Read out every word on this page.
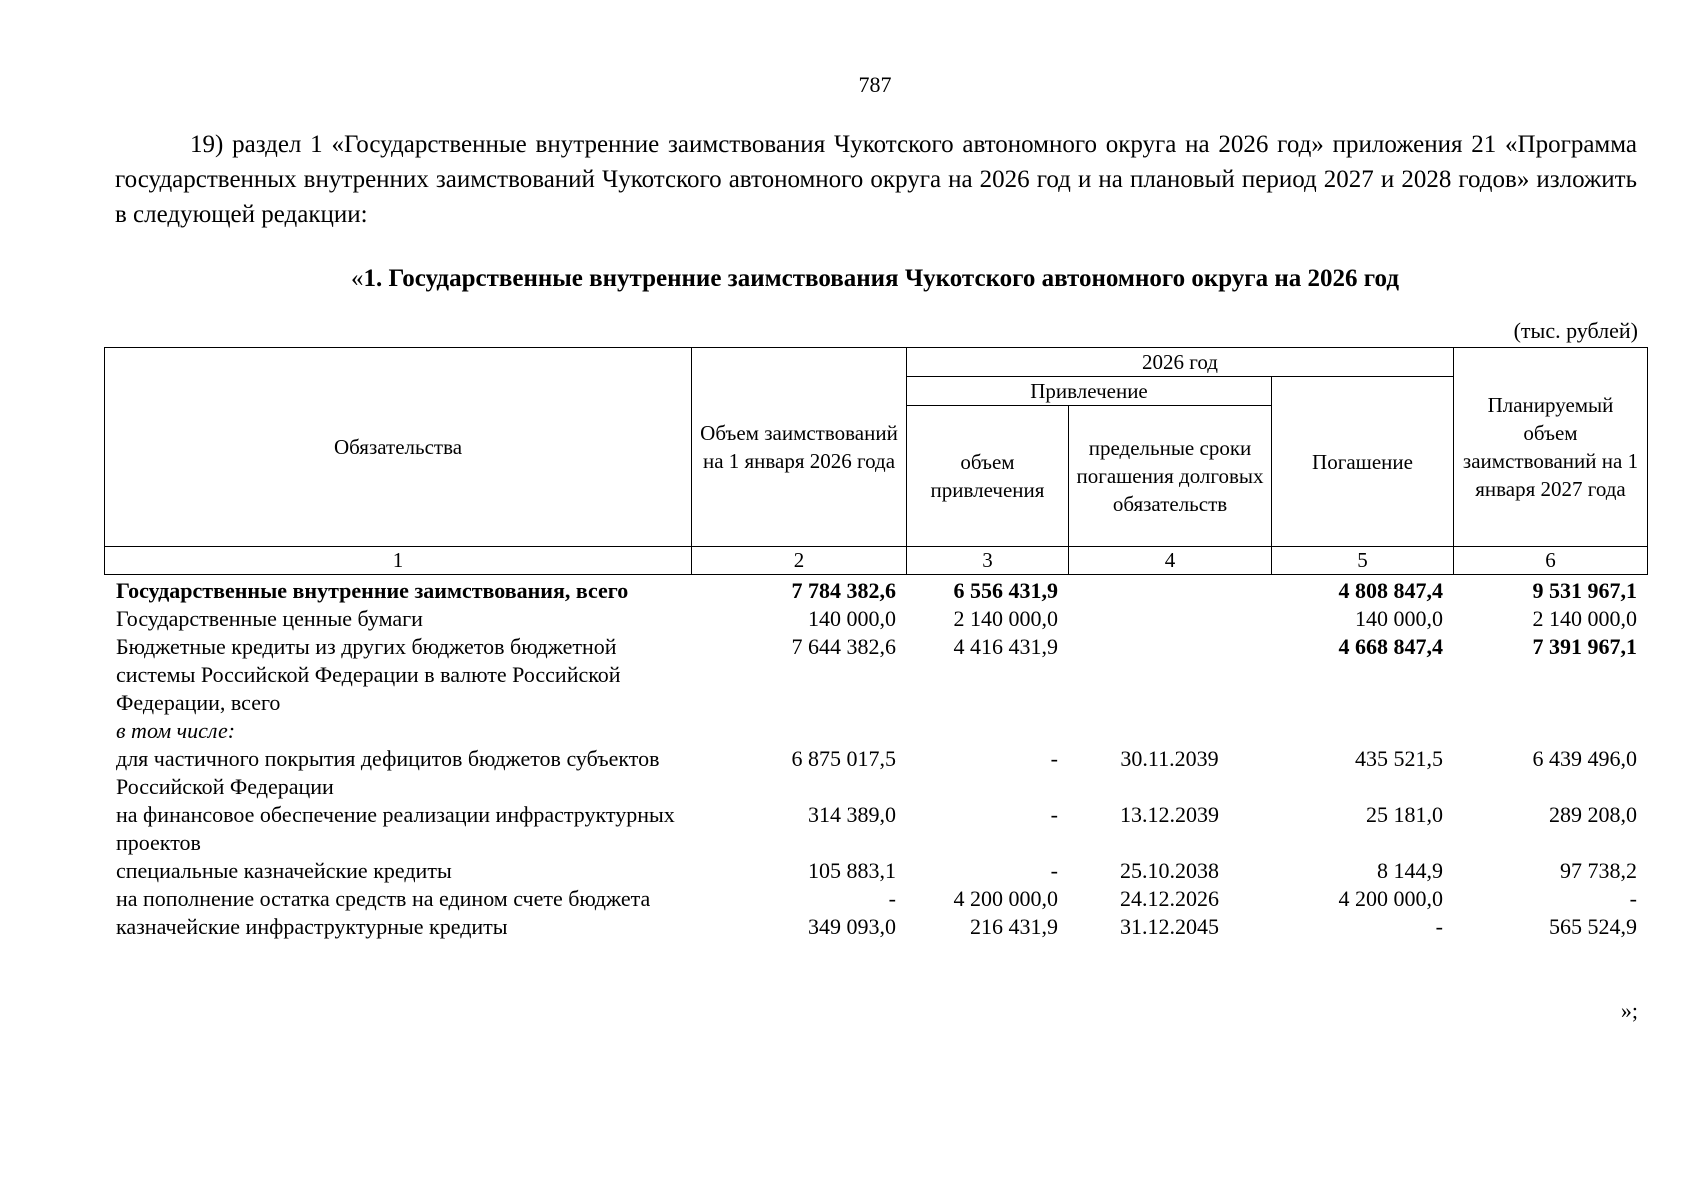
787

19) раздел 1 «Государственные внутренние заимствования Чукотского автономного округа на 2026 год» приложения 21 «Программа государственных внутренних заимствований Чукотского автономного округа на 2026 год и на плановый период 2027 и 2028 годов» изложить в следующей редакции:

«1. Государственные внутренние заимствования Чукотского автономного округа на 2026 год
(тыс. рублей)
Обязательства	Объем заимствований на 1 января 2026 года	2026 год			Планируемый объем заимствований на 1 января 2027 года
		Привлечение		Погашение	
		объем привлечения	предельные сроки погашения долговых обязательств		
1	2	3	4	5	6
Государственные внутренние заимствования, всего	7 784 382,6	6 556 431,9		4 808 847,4	9 531 967,1
Государственные ценные бумаги	140 000,0	2 140 000,0		140 000,0	2 140 000,0
Бюджетные кредиты из других бюджетов бюджетной системы Российской Федерации в валюте Российской Федерации, всего	7 644 382,6	4 416 431,9		4 668 847,4	7 391 967,1
в том числе:					
для частичного покрытия дефицитов бюджетов субъектов Российской Федерации	6 875 017,5	-	30.11.2039	435 521,5	6 439 496,0
на финансовое обеспечение реализации инфраструктурных проектов	314 389,0	-	13.12.2039	25 181,0	289 208,0
специальные казначейские кредиты	105 883,1	-	25.10.2038	8 144,9	97 738,2
на пополнение остатка средств на едином счете бюджета	-	4 200 000,0	24.12.2026	4 200 000,0	-
казначейские инфраструктурные кредиты	349 093,0	216 431,9	31.12.2045	-	565 524,9
»;
